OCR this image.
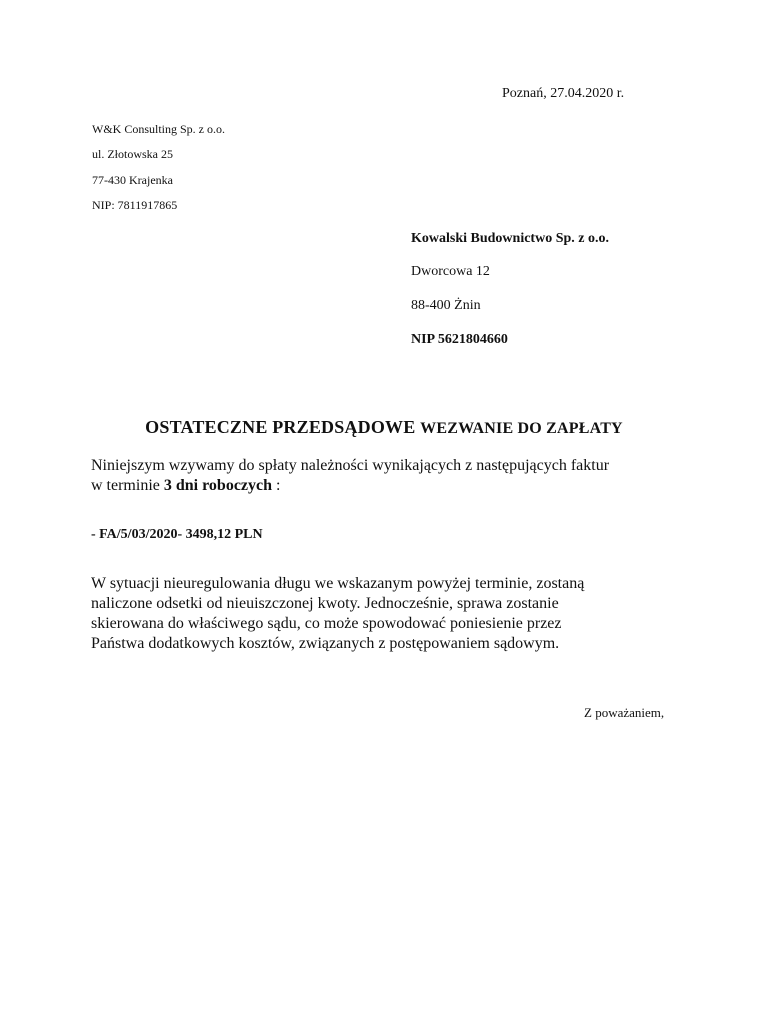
Poznań, 27.04.2020 r.
W&K Consulting Sp. z o.o.
ul. Złotowska 25
77-430 Krajenka
NIP: 7811917865
Kowalski Budownictwo Sp. z o.o.
Dworcowa 12
88-400 Żnin
NIP 5621804660
OSTATECZNE PRZEDSĄDOWE WEZWANIE DO ZAPŁATY
Niniejszym wzywamy do spłaty należności wynikających z następujących faktur
w terminie 3 dni roboczych :
- FA/5/03/2020- 3498,12 PLN
W sytuacji nieuregulowania długu we wskazanym powyżej terminie, zostaną
naliczone odsetki od nieuiszczonej kwoty. Jednocześnie, sprawa zostanie
skierowana do właściwego sądu, co może spowodować poniesienie przez
Państwa dodatkowych kosztów, związanych z postępowaniem sądowym.
Z poważaniem,
